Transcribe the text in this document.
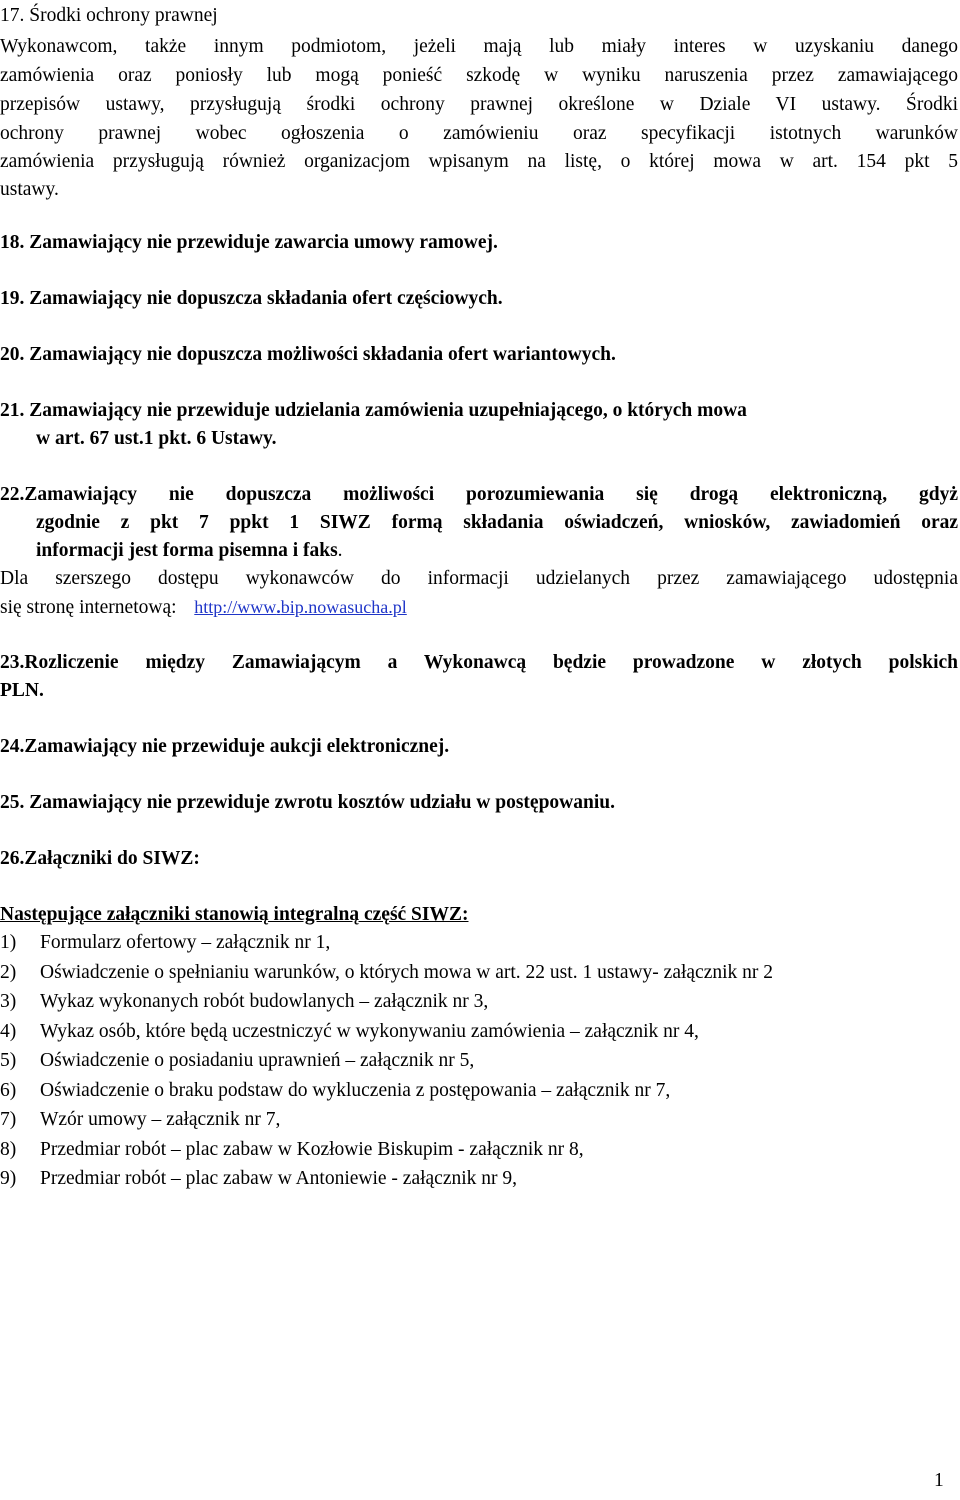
17. Środki ochrony prawnej
Wykonawcom, także innym podmiotom, jeżeli mają lub miały interes w uzyskaniu danego
zamówienia oraz poniosły lub mogą ponieść szkodę w wyniku naruszenia przez zamawiającego
przepisów ustawy, przysługują środki ochrony prawnej określone w Dziale VI ustawy. Środki
ochrony prawnej wobec ogłoszenia o zamówieniu oraz specyfikacji istotnych warunków
zamówienia przysługują również organizacjom wpisanym na listę, o której mowa w art. 154 pkt 5
ustawy.
18. Zamawiający nie przewiduje zawarcia umowy ramowej.
19. Zamawiający nie dopuszcza składania ofert częściowych.
20. Zamawiający nie dopuszcza możliwości składania ofert wariantowych.
21. Zamawiający nie przewiduje udzielania zamówienia uzupełniającego, o których mowa
w art. 67 ust.1 pkt. 6 Ustawy.
22.Zamawiający nie dopuszcza możliwości porozumiewania się drogą elektroniczną, gdyż
zgodnie z pkt 7 ppkt 1 SIWZ formą składania oświadczeń, wniosków, zawiadomień oraz
informacji jest forma pisemna i faks.
Dla szerszego dostępu wykonawców do informacji udzielanych przez zamawiającego udostępnia
się stronę internetową: http://www.bip.nowasucha.pl
23.Rozliczenie między Zamawiającym a Wykonawcą będzie prowadzone w złotych polskich
PLN.
24.Zamawiający nie przewiduje aukcji elektronicznej.
25. Zamawiający nie przewiduje zwrotu kosztów udziału w postępowaniu.
26.Załączniki do SIWZ:
Następujące załączniki stanowią integralną część SIWZ:
1) Formularz ofertowy – załącznik nr 1,
2) Oświadczenie o spełnianiu warunków, o których mowa w art. 22 ust. 1 ustawy- załącznik nr 2
3) Wykaz wykonanych robót budowlanych – załącznik nr 3,
4) Wykaz osób, które będą uczestniczyć w wykonywaniu zamówienia – załącznik nr 4,
5) Oświadczenie o posiadaniu uprawnień – załącznik nr 5,
6) Oświadczenie o braku podstaw do wykluczenia z postępowania – załącznik nr 7,
7) Wzór umowy – załącznik nr 7,
8) Przedmiar robót – plac zabaw w Kozłowie Biskupim - załącznik nr 8,
9) Przedmiar robót – plac zabaw w Antoniewie - załącznik nr 9,
1
